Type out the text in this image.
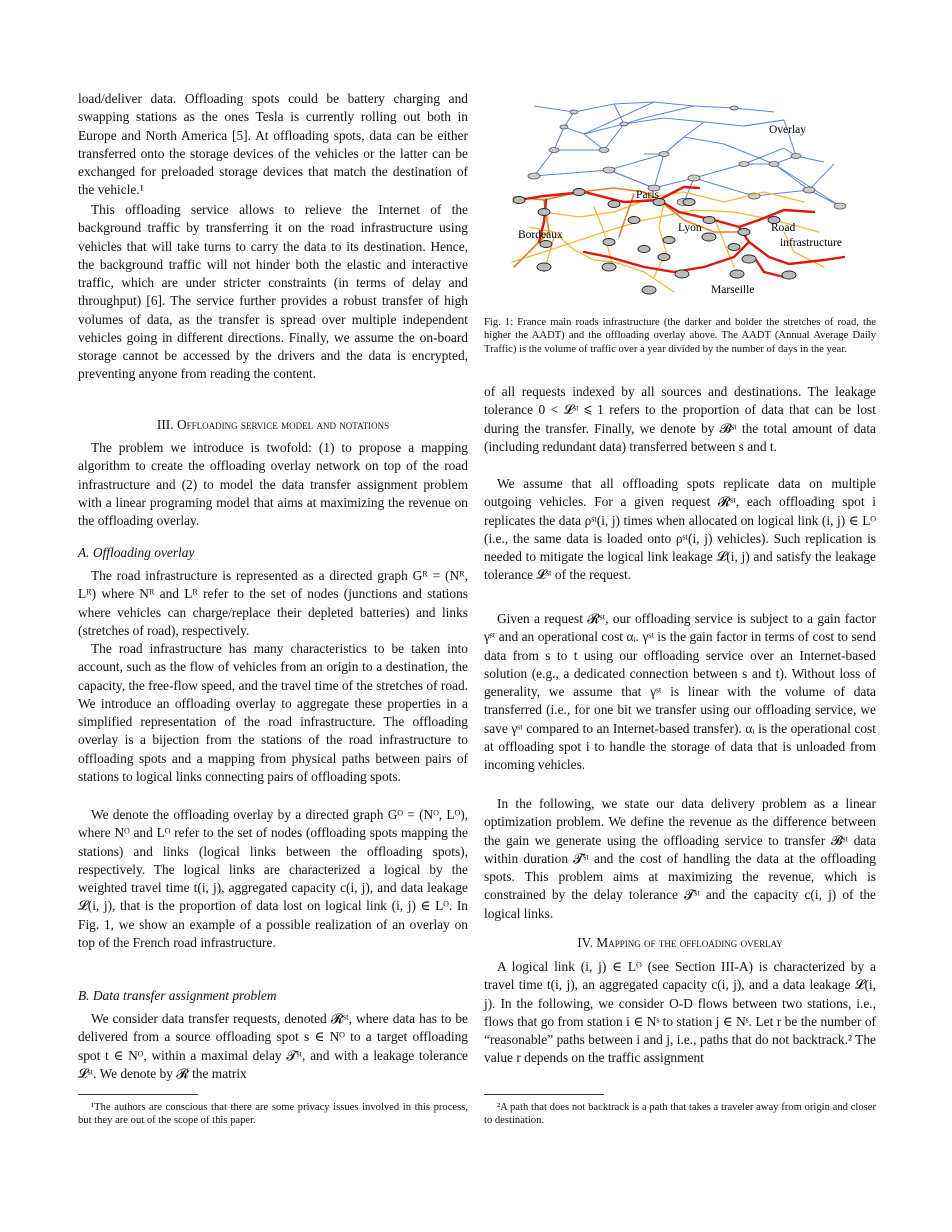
load/deliver data. Offloading spots could be battery charging and swapping stations as the ones Tesla is currently rolling out both in Europe and North America [5]. At offloading spots, data can be either transferred onto the storage devices of the vehicles or the latter can be exchanged for preloaded storage devices that match the destination of the vehicle.¹
This offloading service allows to relieve the Internet of the background traffic by transferring it on the road infrastructure using vehicles that will take turns to carry the data to its destination. Hence, the background traffic will not hinder both the elastic and interactive traffic, which are under stricter constraints (in terms of delay and throughput) [6]. The service further provides a robust transfer of high volumes of data, as the transfer is spread over multiple independent vehicles going in different directions. Finally, we assume the on-board storage cannot be accessed by the drivers and the data is encrypted, preventing anyone from reading the content.
III. Offloading service model and notations
The problem we introduce is twofold: (1) to propose a mapping algorithm to create the offloading overlay network on top of the road infrastructure and (2) to model the data transfer assignment problem with a linear programing model that aims at maximizing the revenue on the offloading overlay.
A. Offloading overlay
The road infrastructure is represented as a directed graph Gᴿ = (Nᴿ, Lᴿ) where Nᴿ and Lᴿ refer to the set of nodes (junctions and stations where vehicles can charge/replace their depleted batteries) and links (stretches of road), respectively.
The road infrastructure has many characteristics to be taken into account, such as the flow of vehicles from an origin to a destination, the capacity, the free-flow speed, and the travel time of the stretches of road. We introduce an offloading overlay to aggregate these properties in a simplified representation of the road infrastructure. The offloading overlay is a bijection from the stations of the road infrastructure to offloading spots and a mapping from physical paths between pairs of stations to logical links connecting pairs of offloading spots.
We denote the offloading overlay by a directed graph Gᴼ = (Nᴼ, Lᴼ), where Nᴼ and Lᴼ refer to the set of nodes (offloading spots mapping the stations) and links (logical links between the offloading spots), respectively. The logical links are characterized a logical by the weighted travel time t(i, j), aggregated capacity c(i, j), and data leakage 𝓛(i, j), that is the proportion of data lost on logical link (i, j) ∈ Lᴼ. In Fig. 1, we show an example of a possible realization of an overlay on top of the French road infrastructure.
B. Data transfer assignment problem
We consider data transfer requests, denoted 𝓡ˢᵗ, where data has to be delivered from a source offloading spot s ∈ Nᴼ to a target offloading spot t ∈ Nᴼ, within a maximal delay 𝓣ˢᵗ, and with a leakage tolerance 𝓛ˢᵗ. We denote by 𝓡 the matrix
¹The authors are conscious that there are some privacy issues involved in this process, but they are out of the scope of this paper.
Overlay
Paris
Bordeaux
Lyon	Road
infrastructure
Marseille
Fig. 1: France main roads infrastructure (the darker and bolder the stretches of road, the higher the AADT) and the offloading overlay above. The AADT (Annual Average Daily Traffic) is the volume of traffic over a year divided by the number of days in the year.
of all requests indexed by all sources and destinations. The leakage tolerance 0 < 𝓛ˢᵗ ⩽ 1 refers to the proportion of data that can be lost during the transfer. Finally, we denote by 𝓑ˢᵗ the total amount of data (including redundant data) transferred between s and t.
We assume that all offloading spots replicate data on multiple outgoing vehicles. For a given request 𝓡ˢᵗ, each offloading spot i replicates the data ρˢᵗ(i, j) times when allocated on logical link (i, j) ∈ Lᴼ (i.e., the same data is loaded onto ρˢᵗ(i, j) vehicles). Such replication is needed to mitigate the logical link leakage 𝓛(i, j) and satisfy the leakage tolerance 𝓛ˢᵗ of the request.
Given a request 𝓡ˢᵗ, our offloading service is subject to a gain factor γˢᵗ and an operational cost αᵢ. γˢᵗ is the gain factor in terms of cost to send data from s to t using our offloading service over an Internet-based solution (e.g., a dedicated connection between s and t). Without loss of generality, we assume that γˢᵗ is linear with the volume of data transferred (i.e., for one bit we transfer using our offloading service, we save γˢᵗ compared to an Internet-based transfer). αᵢ is the operational cost at offloading spot i to handle the storage of data that is unloaded from incoming vehicles.
In the following, we state our data delivery problem as a linear optimization problem. We define the revenue as the difference between the gain we generate using the offloading service to transfer 𝓑ˢᵗ data within duration 𝓣ˢᵗ and the cost of handling the data at the offloading spots. This problem aims at maximizing the revenue, which is constrained by the delay tolerance 𝓣ˢᵗ and the capacity c(i, j) of the logical links.
IV. Mapping of the offloading overlay
A logical link (i, j) ∈ Lᴼ (see Section III-A) is characterized by a travel time t(i, j), an aggregated capacity c(i, j), and a data leakage 𝓛(i, j). In the following, we consider O-D flows between two stations, i.e., flows that go from station i ∈ Nˢ to station j ∈ Nˢ. Let r be the number of “reasonable” paths between i and j, i.e., paths that do not backtrack.² The value r depends on the traffic assignment
²A path that does not backtrack is a path that takes a traveler away from origin and closer to destination.
